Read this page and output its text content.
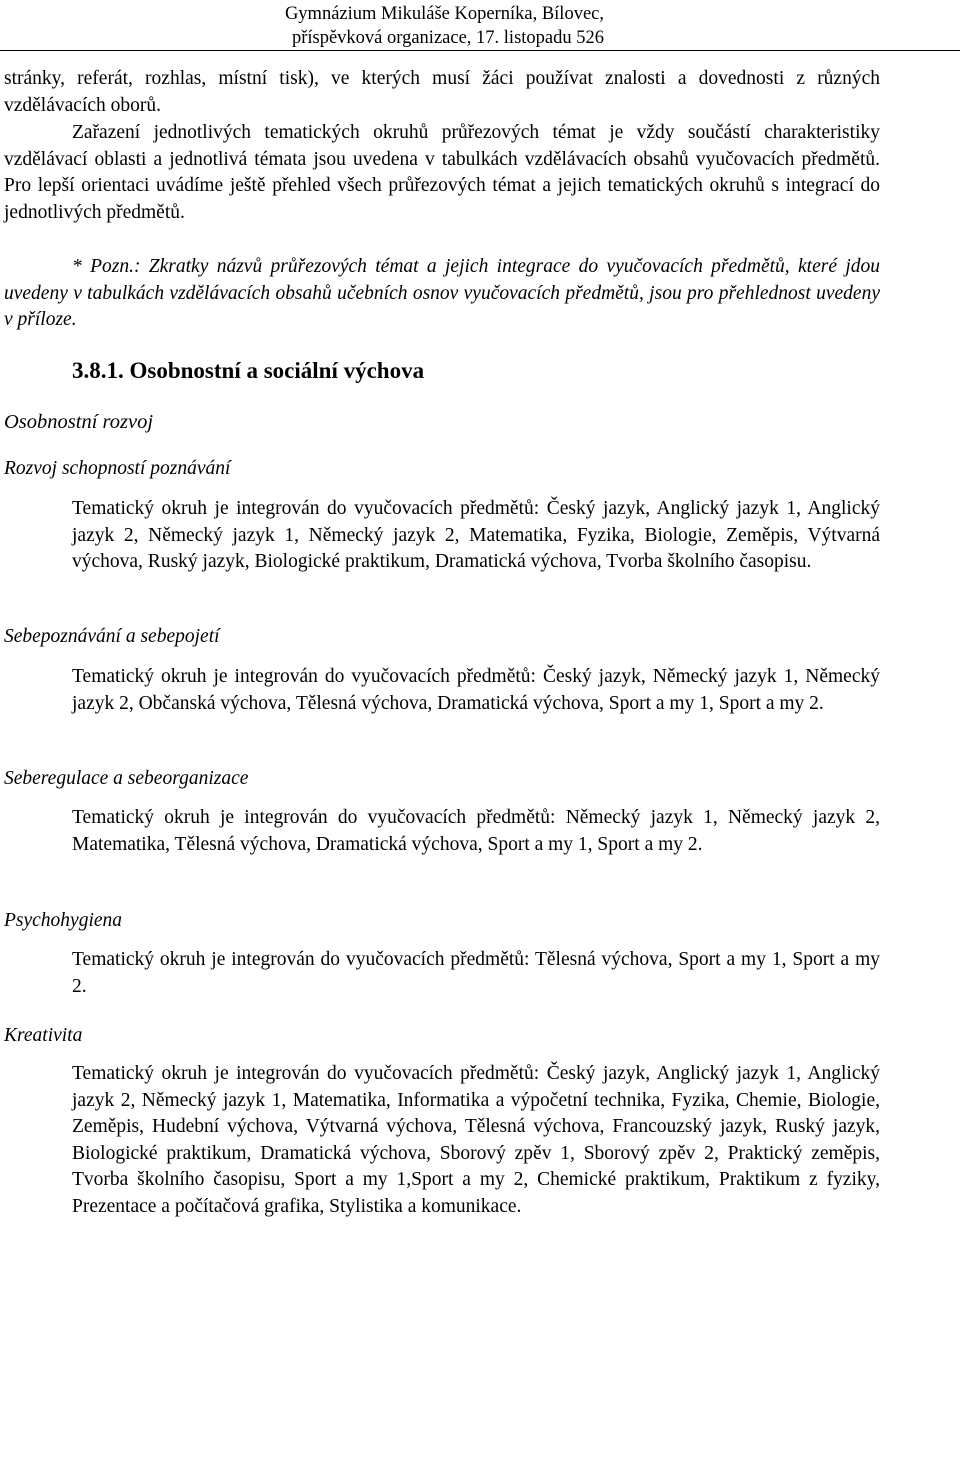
Gymnázium Mikuláše Koperníka, Bílovec,
příspěvková organizace, 17. listopadu 526

stránky, referát, rozhlas, místní tisk), ve kterých musí žáci používat znalosti a dovednosti z různých vzdělávacích oborů.

Zařazení jednotlivých tematických okruhů průřezových témat je vždy součástí charakteristiky vzdělávací oblasti a jednotlivá témata jsou uvedena v tabulkách vzdělávacích obsahů vyučovacích předmětů. Pro lepší orientaci uvádíme ještě přehled všech průřezových témat a jejich tematických okruhů s integrací do jednotlivých předmětů.

* Pozn.: Zkratky názvů průřezových témat a jejich integrace do vyučovacích předmětů, které jdou uvedeny v tabulkách vzdělávacích obsahů učebních osnov vyučovacích předmětů, jsou pro přehlednost uvedeny v příloze.

3.8.1. Osobnostní a sociální výchova
Osobnostní rozvoj
Rozvoj schopností poznávání

Tematický okruh je integrován do vyučovacích předmětů: Český jazyk, Anglický jazyk 1, Anglický jazyk 2, Německý jazyk 1, Německý jazyk 2, Matematika, Fyzika, Biologie, Zeměpis, Výtvarná výchova, Ruský jazyk, Biologické praktikum, Dramatická výchova, Tvorba školního časopisu.

Sebepoznávání a sebepojetí

Tematický okruh je integrován do vyučovacích předmětů: Český jazyk, Německý jazyk 1, Německý jazyk 2, Občanská výchova, Tělesná výchova, Dramatická výchova, Sport a my 1, Sport a my 2.

Seberegulace a sebeorganizace

Tematický okruh je integrován do vyučovacích předmětů: Německý jazyk 1, Německý jazyk 2, Matematika, Tělesná výchova, Dramatická výchova, Sport a my 1, Sport a my 2.

Psychohygiena

Tematický okruh je integrován do vyučovacích předmětů: Tělesná výchova, Sport a my 1, Sport a my 2.

Kreativita

Tematický okruh je integrován do vyučovacích předmětů: Český jazyk, Anglický jazyk 1, Anglický jazyk 2, Německý jazyk 1, Matematika, Informatika a výpočetní technika, Fyzika, Chemie, Biologie, Zeměpis, Hudební výchova, Výtvarná výchova, Tělesná výchova, Francouzský jazyk, Ruský jazyk, Biologické praktikum, Dramatická výchova, Sborový zpěv 1, Sborový zpěv 2, Praktický zeměpis, Tvorba školního časopisu, Sport a my 1,Sport a my 2, Chemické praktikum, Praktikum z fyziky, Prezentace a počítačová grafika, Stylistika a komunikace.
